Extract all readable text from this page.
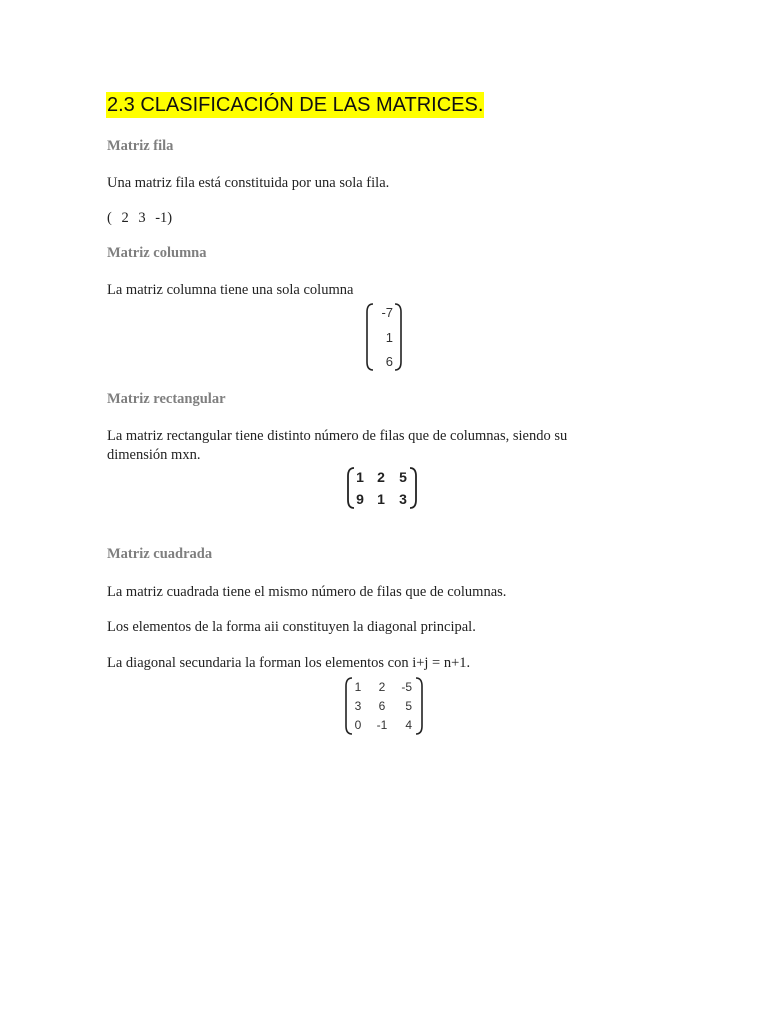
2.3 CLASIFICACIÓN DE LAS MATRICES.
Matriz fila
Una matriz fila está constituida por una sola fila.
( 2 3 -1)
Matriz columna
La matriz columna tiene una sola columna
-7
1
6
Matriz rectangular
La matriz rectangular tiene distinto número de filas que de columnas, siendo su dimensión mxn.
1 2 5
9 1 3
Matriz cuadrada
La matriz cuadrada tiene el mismo número de filas que de columnas.
Los elementos de la forma aii constituyen la diagonal principal.
La diagonal secundaria la forman los elementos con i+j = n+1.
1 2 -5
3 6 5
0 -1 4
